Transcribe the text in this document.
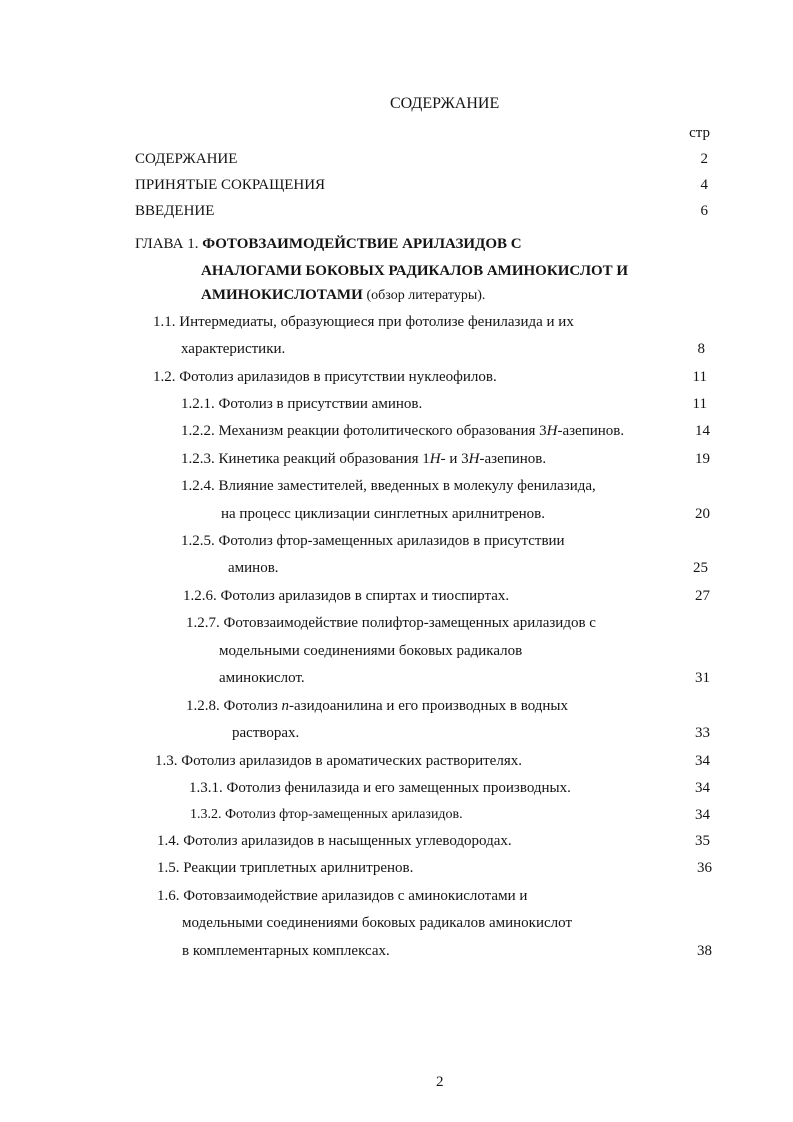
СОДЕРЖАНИЕ
стр
СОДЕРЖАНИЕ	2
ПРИНЯТЫЕ СОКРАЩЕНИЯ	4
ВВЕДЕНИЕ	6
ГЛАВА 1. ФОТОВЗАИМОДЕЙСТВИЕ АРИЛАЗИДОВ С
АНАЛОГАМИ БОКОВЫХ РАДИКАЛОВ АМИНОКИСЛОТ И
АМИНОКИСЛОТАМИ (обзор литературы).
1.1. Интермедиаты, образующиеся при фотолизе фенилазида и их
характеристики.	8
1.2. Фотолиз арилазидов в присутствии нуклеофилов.	11
1.2.1. Фотолиз в присутствии аминов.	11
1.2.2. Механизм реакции фотолитического образования 3H-азепинов.	14
1.2.3. Кинетика реакций образования 1H- и 3H-азепинов.	19
1.2.4. Влияние заместителей, введенных в молекулу фенилазида,
на процесс циклизации синглетных арилнитренов.	20
1.2.5. Фотолиз фтор-замещенных арилазидов в присутствии
аминов.	25
1.2.6. Фотолиз арилазидов в спиртах и тиоспиртах.	27
1.2.7. Фотовзаимодействие полифтор-замещенных арилазидов с
модельными соединениями боковых радикалов
аминокислот.	31
1.2.8. Фотолиз п-азидоанилина и его производных в водных
растворах.	33
1.3. Фотолиз арилазидов в ароматических растворителях.	34
1.3.1. Фотолиз фенилазида и его замещенных производных.	34
1.3.2. Фотолиз фтор-замещенных арилазидов.	34
1.4. Фотолиз арилазидов в насыщенных углеводородах.	35
1.5. Реакции триплетных арилнитренов.	36
1.6. Фотовзаимодействие арилазидов с аминокислотами и
модельными соединениями боковых радикалов аминокислот
в комплементарных комплексах.	38
2
